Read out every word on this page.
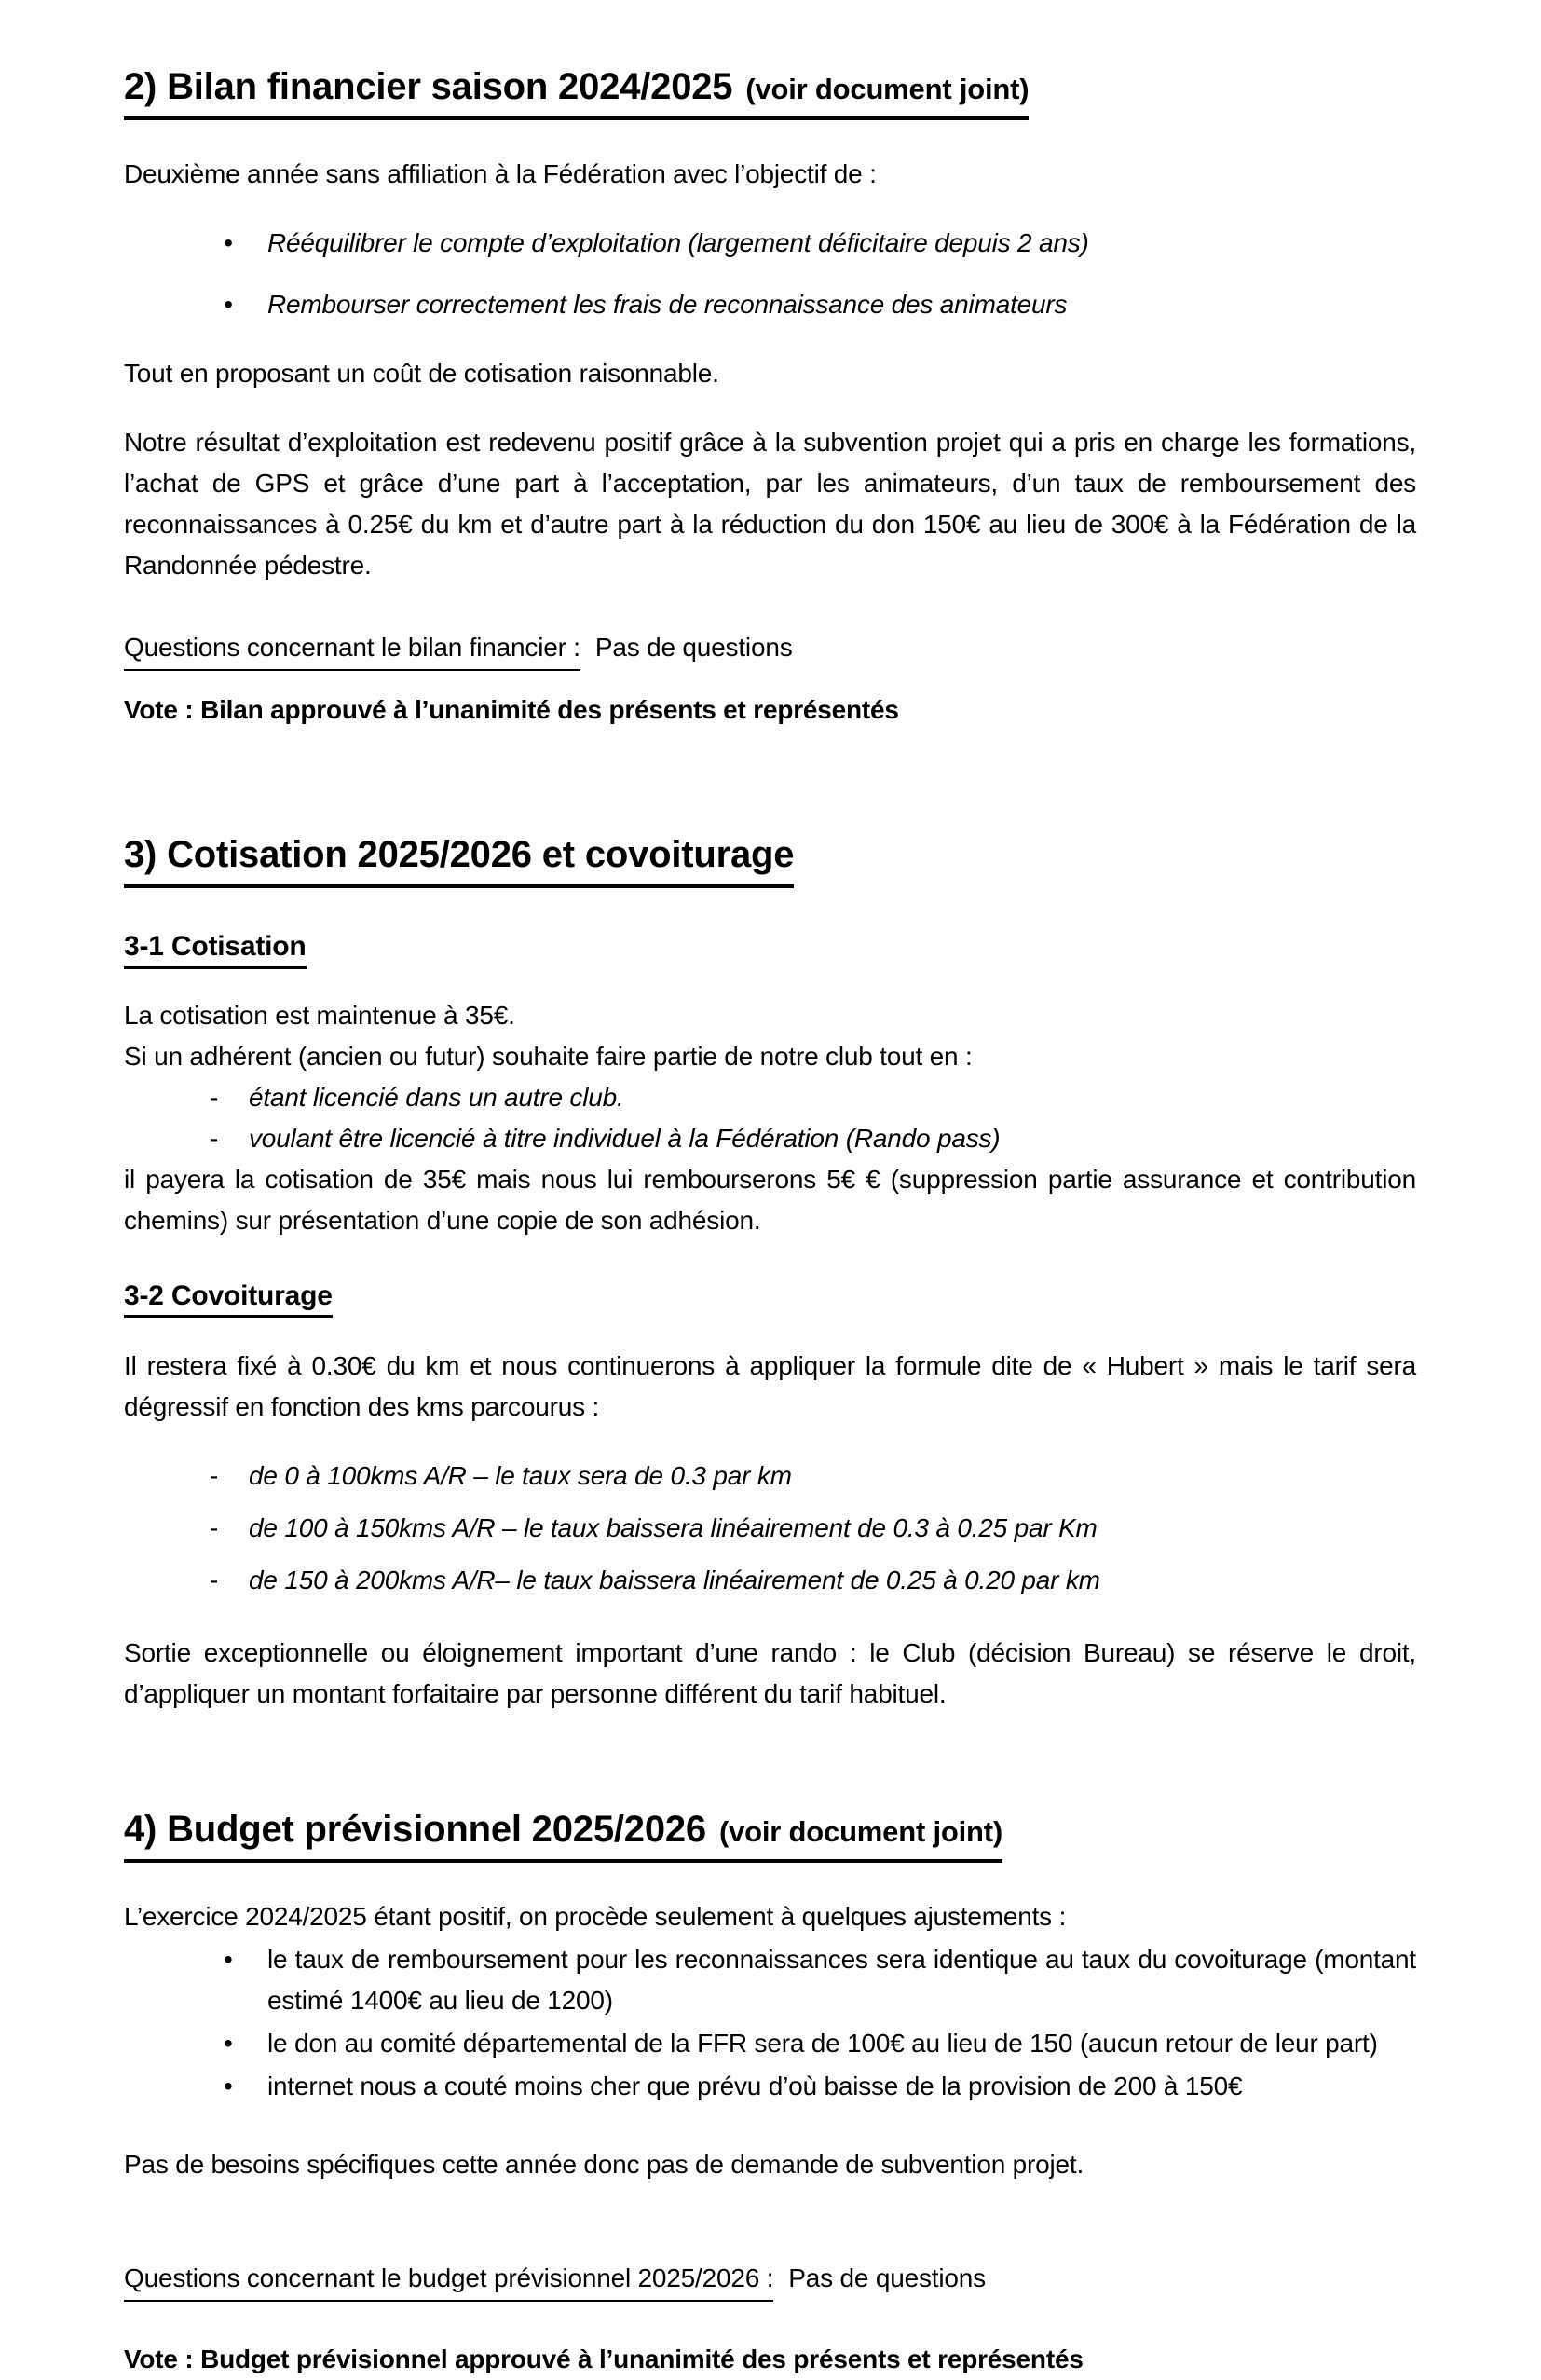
2) Bilan financier saison 2024/2025 (voir document joint)

Deuxième année sans affiliation à la Fédération avec l’objectif de :

• Rééquilibrer le compte d’exploitation (largement déficitaire depuis 2 ans)
• Rembourser correctement les frais de reconnaissance des animateurs

Tout en proposant un coût de cotisation raisonnable.

Notre résultat d’exploitation est redevenu positif grâce à la subvention projet qui a pris en charge les formations, l’achat de GPS et grâce d’une part à l’acceptation, par les animateurs, d’un taux de remboursement des reconnaissances à 0.25€ du km et d’autre part à la réduction du don 150€ au lieu de 300€ à la Fédération de la Randonnée pédestre.

Questions concernant le bilan financier : Pas de questions

Vote : Bilan approuvé à l’unanimité des présents et représentés

3) Cotisation 2025/2026 et covoiturage
3-1 Cotisation

La cotisation est maintenue à 35€.

Si un adhérent (ancien ou futur) souhaite faire partie de notre club tout en :

- étant licencié dans un autre club.
- voulant être licencié à titre individuel à la Fédération (Rando pass)

il payera la cotisation de 35€ mais nous lui rembourserons 5€ € (suppression partie assurance et contribution chemins) sur présentation d’une copie de son adhésion.

3-2 Covoiturage

Il restera fixé à 0.30€ du km et nous continuerons à appliquer la formule dite de « Hubert » mais le tarif sera dégressif en fonction des kms parcourus :

- de 0 à 100kms A/R – le taux sera de 0.3 par km
- de 100 à 150kms A/R – le taux baissera linéairement de 0.3 à 0.25 par Km
- de 150 à 200kms A/R– le taux baissera linéairement de 0.25 à 0.20 par km

Sortie exceptionnelle ou éloignement important d’une rando : le Club (décision Bureau) se réserve le droit, d’appliquer un montant forfaitaire par personne différent du tarif habituel.

4) Budget prévisionnel 2025/2026 (voir document joint)

L’exercice 2024/2025 étant positif, on procède seulement à quelques ajustements :

• le taux de remboursement pour les reconnaissances sera identique au taux du covoiturage (montant estimé 1400€ au lieu de 1200)
• le don au comité départemental de la FFR sera de 100€ au lieu de 150 (aucun retour de leur part)
• internet nous a couté moins cher que prévu d’où baisse de la provision de 200 à 150€

Pas de besoins spécifiques cette année donc pas de demande de subvention projet.

Questions concernant le budget prévisionnel 2025/2026 : Pas de questions

Vote : Budget prévisionnel approuvé à l’unanimité des présents et représentés
